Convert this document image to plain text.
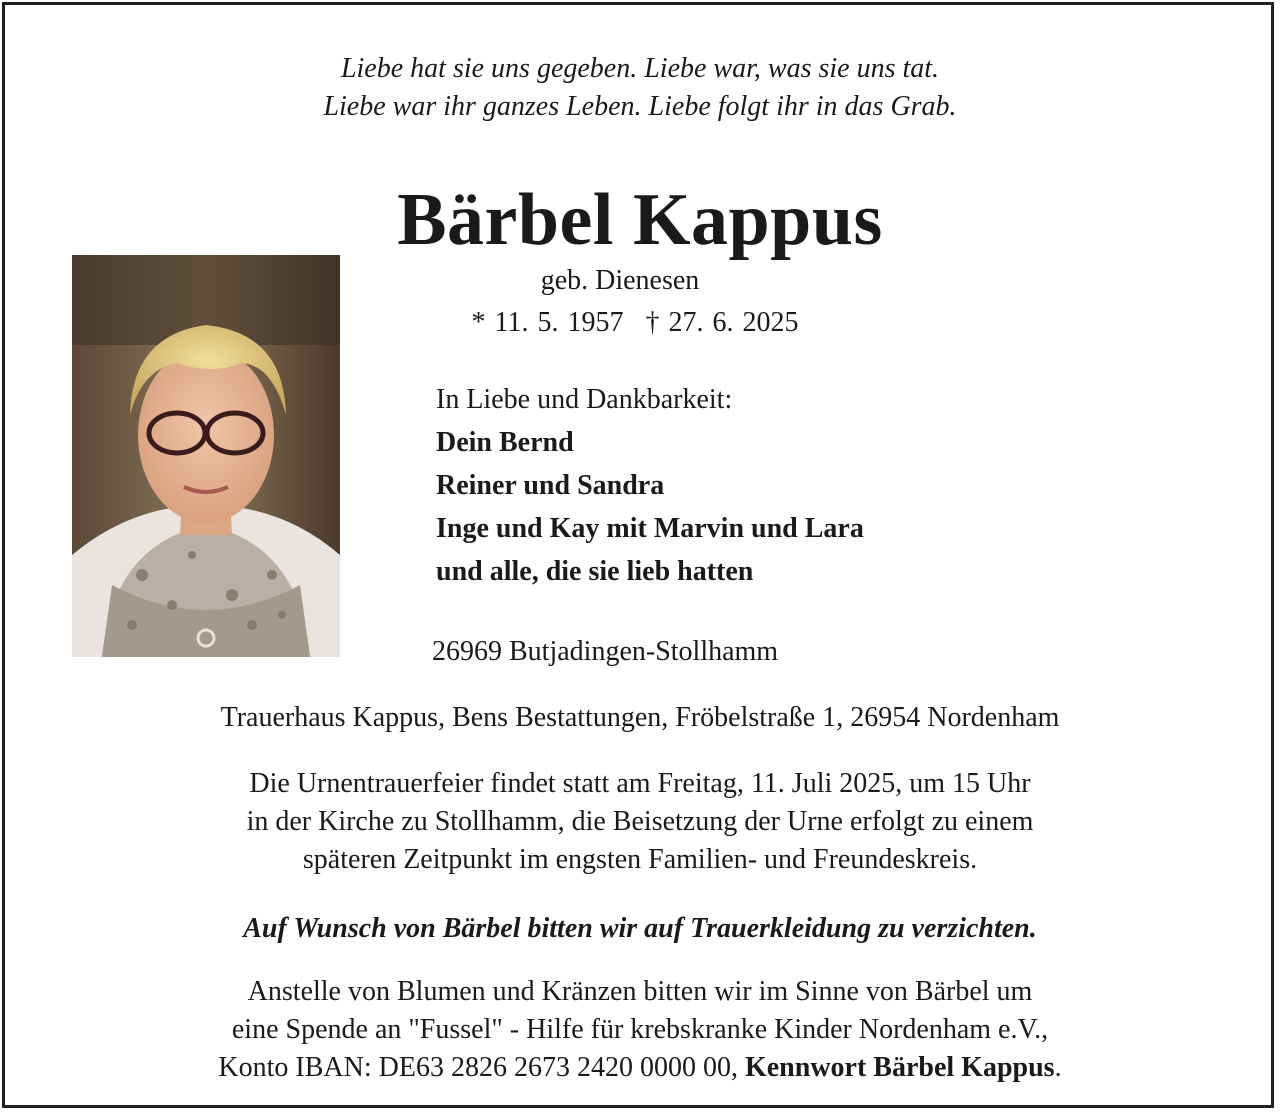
Liebe hat sie uns gegeben. Liebe war, was sie uns tat.
Liebe war ihr ganzes Leben. Liebe folgt ihr in das Grab.
Bärbel Kappus
geb. Dienesen
* 11. 5. 1957 † 27. 6. 2025
In Liebe und Dankbarkeit:
Dein Bernd
Reiner und Sandra
Inge und Kay mit Marvin und Lara
und alle, die sie lieb hatten
26969 Butjadingen-Stollhamm
Trauerhaus Kappus, Bens Bestattungen, Fröbelstraße 1, 26954 Nordenham
Die Urnentrauerfeier findet statt am Freitag, 11. Juli 2025, um 15 Uhr
in der Kirche zu Stollhamm, die Beisetzung der Urne erfolgt zu einem
späteren Zeitpunkt im engsten Familien- und Freundeskreis.
Auf Wunsch von Bärbel bitten wir auf Trauerkleidung zu verzichten.
Anstelle von Blumen und Kränzen bitten wir im Sinne von Bärbel um
eine Spende an "Fussel" - Hilfe für krebskranke Kinder Nordenham e.V.,
Konto IBAN: DE63 2826 2673 2420 0000 00, Kennwort Bärbel Kappus.
